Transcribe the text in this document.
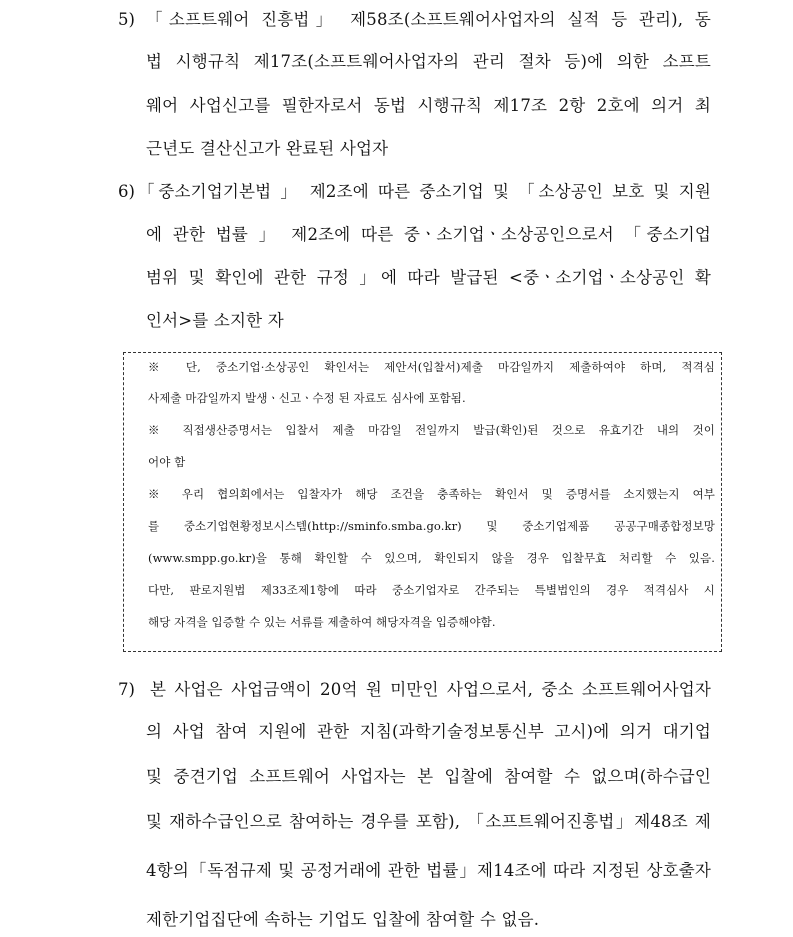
5) 「소프트웨어 진흥법」 제58조(소프트웨어사업자의 실적 등 관리), 동
법 시행규칙 제17조(소프트웨어사업자의 관리 절차 등)에 의한 소프트
웨어 사업신고를 필한자로서 동법 시행규칙 제17조 2항 2호에 의거 최
근년도 결산신고가 완료된 사업자
6) 「중소기업기본법 」 제2조에 따른 중소기업 및 「소상공인 보호 및 지원
에 관한 법률 」 제2조에 따른 중ㆍ소기업ㆍ소상공인으로서 「중소기업
범위 및 확인에 관한 규정 」에 따라 발급된 <중ㆍ소기업ㆍ소상공인 확
인서>를 소지한 자
※ 단, 중소기업·소상공인 확인서는 제안서(입찰서)제출 마감일까지 제출하여야 하며, 적격심
사제출 마감일까지 발생ㆍ신고ㆍ수정 된 자료도 심사에 포함됨.
※ 직접생산증명서는 입찰서 제출 마감일 전일까지 발급(확인)된 것으로 유효기간 내의 것이
어야 함
※ 우리 협의회에서는 입찰자가 해당 조건을 충족하는 확인서 및 증명서를 소지했는지 여부
를 중소기업현황정보시스템(http://sminfo.smba.go.kr) 및 중소기업제품 공공구매종합정보망
(www.smpp.go.kr)을 통해 확인할 수 있으며, 확인되지 않을 경우 입찰무효 처리할 수 있음.
다만, 판로지원법 제33조제1항에 따라 중소기업자로 간주되는 특별법인의 경우 적격심사 시
해당 자격을 입증할 수 있는 서류를 제출하여 해당자격을 입증해야함.
7) 본 사업은 사업금액이 20억 원 미만인 사업으로서, 중소 소프트웨어사업자
의 사업 참여 지원에 관한 지침(과학기술정보통신부 고시)에 의거 대기업
및 중견기업 소프트웨어 사업자는 본 입찰에 참여할 수 없으며(하수급인
및 재하수급인으로 참여하는 경우를 포함), 「소프트웨어진흥법」제48조 제
4항의「독점규제 및 공정거래에 관한 법률」제14조에 따라 지정된 상호출자
제한기업집단에 속하는 기업도 입찰에 참여할 수 없음.
